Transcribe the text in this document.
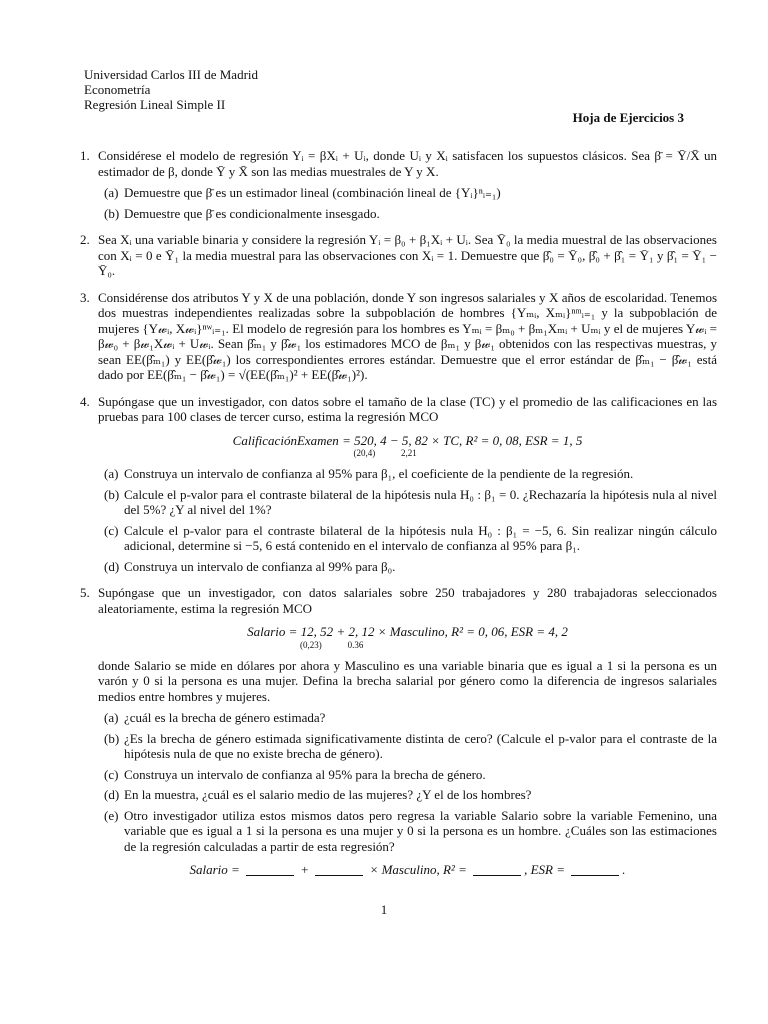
Universidad Carlos III de Madrid
Econometría
Regresión Lineal Simple II
Hoja de Ejercicios 3
1. Considérese el modelo de regresión Yᵢ = βXᵢ + Uᵢ, donde Uᵢ y Xᵢ satisfacen los supuestos clásicos. Sea β̄ = Ȳ/X̄ un estimador de β, donde Ȳ y X̄ son las medias muestrales de Y y X.

(a) Demuestre que β̄ es un estimador lineal (combinación lineal de {Yᵢ}ⁿᵢ₌₁)
(b) Demuestre que β̄ es condicionalmente insesgado.
2. Sea Xᵢ una variable binaria y considere la regresión Yᵢ = β₀ + β₁Xᵢ + Uᵢ. Sea Ȳ₀ la media muestral de las observaciones con Xᵢ = 0 e Ȳ₁ la media muestral para las observaciones con Xᵢ = 1. Demuestre que β̂₀ = Ȳ₀, β̂₀ + β̂₁ = Ȳ₁ y β̂₁ = Ȳ₁ − Ȳ₀.

3. Considérense dos atributos Y y X de una población, donde Y son ingresos salariales y X años de escolaridad. Tenemos dos muestras independientes realizadas sobre la subpoblación de hombres {Yₘᵢ, Xₘᵢ}ⁿᵐᵢ₌₁ y la subpoblación de mujeres {Y𝓌ᵢ, X𝓌ᵢ}ⁿʷᵢ₌₁. El modelo de regresión para los hombres es Yₘᵢ = βₘ₀ + βₘ₁Xₘᵢ + Uₘᵢ y el de mujeres Y𝓌ᵢ = β𝓌₀ + β𝓌₁X𝓌ᵢ + U𝓌ᵢ. Sean β̂ₘ₁ y β̂𝓌₁ los estimadores MCO de βₘ₁ y β𝓌₁ obtenidos con las respectivas muestras, y sean EE(β̂ₘ₁) y EE(β̂𝓌₁) los correspondientes errores estándar. Demuestre que el error estándar de β̂ₘ₁ − β̂𝓌₁ está dado por EE(β̂ₘ₁ − β̂𝓌₁) = √(EE(β̂ₘ₁)² + EE(β̂𝓌₁)²).

4. Supóngase que un investigador, con datos sobre el tamaño de la clase (TC) y el promedio de las calificaciones en las pruebas para 100 clases de tercer curso, estima la regresión MCO

CalificaciónExamen = 520, 4
(20,4)
− 5, 82
2,21
× TC, R² = 0, 08, ESR = 1, 5
(a) Construya un intervalo de confianza al 95% para β₁, el coeficiente de la pendiente de la regresión.
(b) Calcule el p-valor para el contraste bilateral de la hipótesis nula H₀ : β₁ = 0. ¿Rechazaría la hipótesis nula al nivel del 5%? ¿Y al nivel del 1%?
(c) Calcule el p-valor para el contraste bilateral de la hipótesis nula H₀ : β₁ = −5, 6. Sin realizar ningún cálculo adicional, determine si −5, 6 está contenido en el intervalo de confianza al 95% para β₁.
(d) Construya un intervalo de confianza al 99% para β₀.
5. Supóngase que un investigador, con datos salariales sobre 250 trabajadores y 280 trabajadoras seleccionados aleatoriamente, estima la regresión MCO

Salario = 12, 52
(0,23)
+ 2, 12
0.36
× Masculino, R² = 0, 06, ESR = 4, 2

donde Salario se mide en dólares por ahora y Masculino es una variable binaria que es igual a 1 si la persona es un varón y 0 si la persona es una mujer. Defina la brecha salarial por género como la diferencia de ingresos salariales medios entre hombres y mujeres.

(a) ¿cuál es la brecha de género estimada?
(b) ¿Es la brecha de género estimada significativamente distinta de cero? (Calcule el p-valor para el contraste de la hipótesis nula de que no existe brecha de género).
(c) Construya un intervalo de confianza al 95% para la brecha de género.
(d) En la muestra, ¿cuál es el salario medio de las mujeres? ¿Y el de los hombres?
(e) Otro investigador utiliza estos mismos datos pero regresa la variable Salario sobre la variable Femenino, una variable que es igual a 1 si la persona es una mujer y 0 si la persona es un hombre. ¿Cuáles son las estimaciones de la regresión calculadas a partir de esta regresión?
Salario =	+	× Masculino, R² =	, ESR =	.
1
